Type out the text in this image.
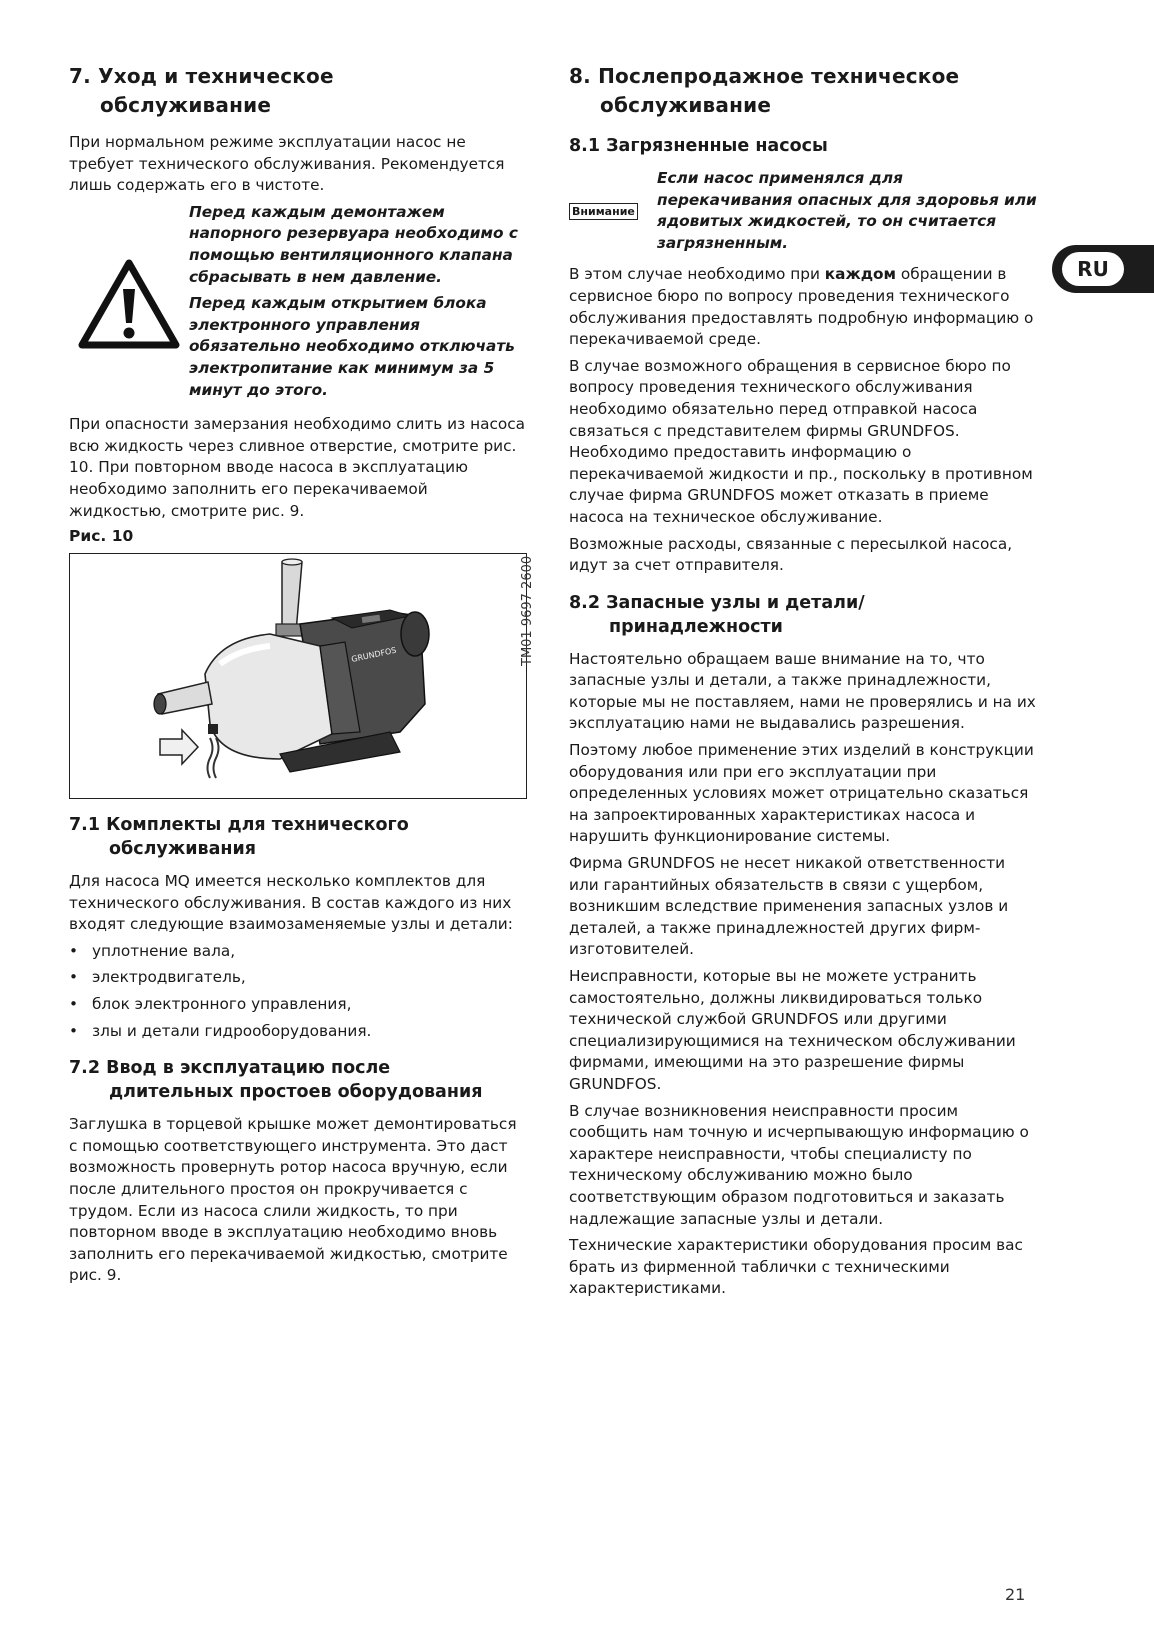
7. Уход и техническое
обслуживание

При нормальном режиме эксплуатации насос не требует технического обслуживания. Рекомендуется лишь содержать его в чистоте.

Перед каждым демонтажем напорного резервуара необходимо с помощью вентиляционного клапана сбрасывать в нем давление.

Перед каждым открытием блока электронного управления обязательно необходимо отключать электропитание как минимум за 5 минут до этого.

При опасности замерзания необходимо слить из насоса всю жидкость через сливное отверстие, смотрите рис. 10. При повторном вводе насоса в эксплуатацию необходимо заполнить его перекачиваемой жидкостью, смотрите рис. 9.

Рис. 10
GRUNDFOS	TM01 9697 2600
7.1 Комплекты для технического
обслуживания

Для насоса MQ имеется несколько комплектов для технического обслуживания. В состав каждого из них входят следующие взаимозаменяемые узлы и детали:

• уплотнение вала,
• электродвигатель,
• блок электронного управления,
• злы и детали гидрооборудования.
7.2 Ввод в эксплуатацию после
длительных простоев оборудования

Заглушка в торцевой крышке может демонтироваться с помощью соответствующего инструмента. Это даст возможность провернуть ротор насоса вручную, если после длительного простоя он прокручивается с трудом. Если из насоса слили жидкость, то при повторном вводе в эксплуатацию необходимо вновь заполнить его перекачиваемой жидкостью, смотрите рис. 9.

8. Послепродажное техническое
обслуживание
8.1 Загрязненные насосы
Внимание

Если насос применялся для перекачивания опасных для здоровья или ядовитых жидкостей, то он считается загрязненным.

В этом случае необходимо при каждом обращении в сервисное бюро по вопросу проведения технического обслуживания предоставлять подробную информацию о перекачиваемой среде.

В случае возможного обращения в сервисное бюро по вопросу проведения технического обслуживания необходимо обязательно перед отправкой насоса связаться с представителем фирмы GRUNDFOS. Необходимо предоставить информацию о перекачиваемой жидкости и пр., поскольку в противном случае фирма GRUNDFOS может отказать в приеме насоса на техническое обслуживание.

Возможные расходы, связанные с пересылкой насоса, идут за счет отправителя.

8.2 Запасные узлы и детали/
принадлежности

Настоятельно обращаем ваше внимание на то, что запасные узлы и детали, а также принадлежности, которые мы не поставляем, нами не проверялись и на их эксплуатацию нами не выдавались разрешения.

Поэтому любое применение этих изделий в конструкции оборудования или при его эксплуатации при определенных условиях может отрицательно сказаться на запроектированных характеристиках насоса и нарушить функционирование системы.

Фирма GRUNDFOS не несет никакой ответственности или гарантийных обязательств в связи с ущербом, возникшим вследствие применения запасных узлов и деталей, а также принадлежностей других фирм-изготовителей.

Неисправности, которые вы не можете устранить самостоятельно, должны ликвидироваться только технической службой GRUNDFOS или другими специализирующимися на техническом обслуживании фирмами, имеющими на это разрешение фирмы GRUNDFOS.

В случае возникновения неисправности просим сообщить нам точную и исчерпывающую информацию о характере неисправности, чтобы специалисту по техническому обслуживанию можно было соответствующим образом подготовиться и заказать надлежащие запасные узлы и детали.

Технические характеристики оборудования просим вас брать из фирменной таблички с техническими характеристиками.

RU
21
